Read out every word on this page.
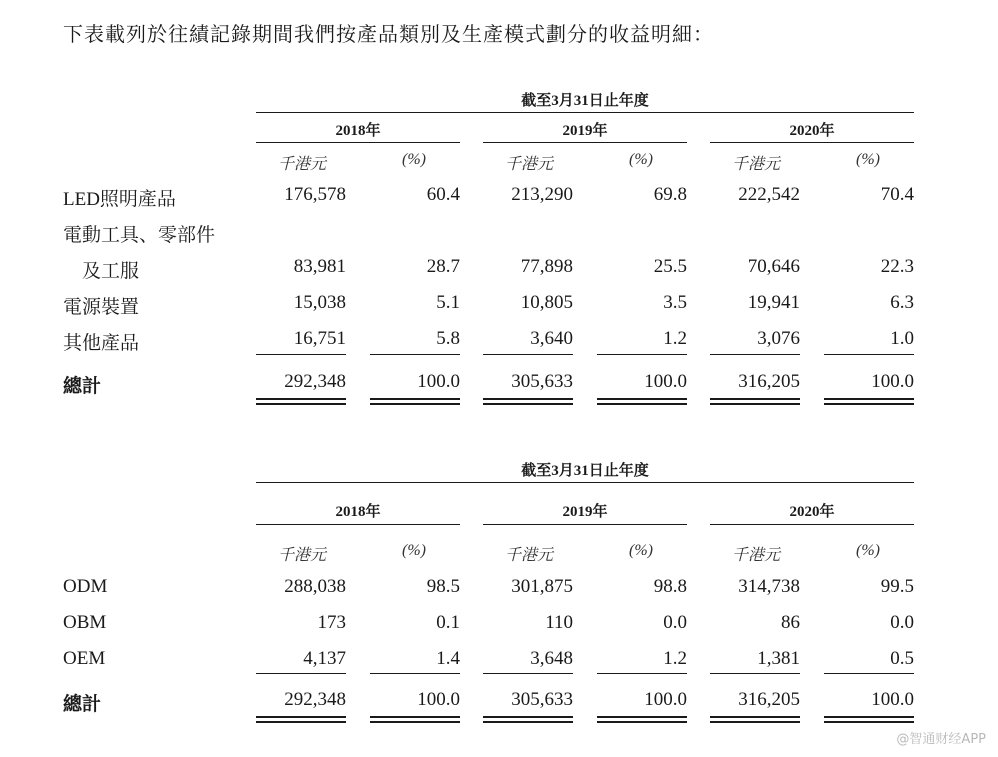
下表載列於往績記錄期間我們按產品類別及生產模式劃分的收益明細：
截至3月31日止年度
2018年	2019年	2020年
千港元	(%)	千港元	(%)	千港元	(%)
LED照明產品	176,578	60.4	213,290	69.8	222,542	70.4
電動工具、零部件
　及工服	83,981	28.7	77,898	25.5	70,646	22.3
電源裝置	15,038	5.1	10,805	3.5	19,941	6.3
其他產品	16,751	5.8	3,640	1.2	3,076	1.0
總計	292,348	100.0	305,633	100.0	316,205	100.0
截至3月31日止年度
2018年	2019年	2020年
千港元	(%)	千港元	(%)	千港元	(%)
ODM	288,038	98.5	301,875	98.8	314,738	99.5
OBM	173	0.1	110	0.0	86	0.0
OEM	4,137	1.4	3,648	1.2	1,381	0.5
總計	292,348	100.0	305,633	100.0	316,205	100.0
@智通财经APP
